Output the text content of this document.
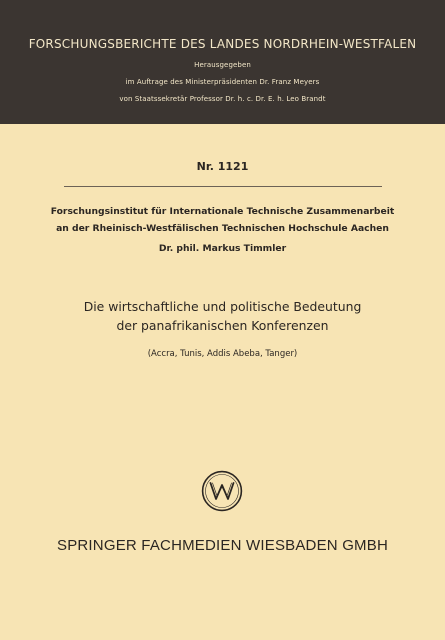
FORSCHUNGSBERICHTE DES LANDES NORDRHEIN-WESTFALEN
Herausgegeben
im Auftrage des Ministerpräsidenten Dr. Franz Meyers
von Staatssekretär Professor Dr. h. c. Dr. E. h. Leo Brandt
Nr. 1121
Forschungsinstitut für Internationale Technische Zusammenarbeit
an der Rheinisch-Westfälischen Technischen Hochschule Aachen
Dr. phil. Markus Timmler
Die wirtschaftliche und politische Bedeutung
der panafrikanischen Konferenzen
(Accra, Tunis, Addis Abeba, Tanger)
SPRINGER FACHMEDIEN WIESBADEN GMBH
